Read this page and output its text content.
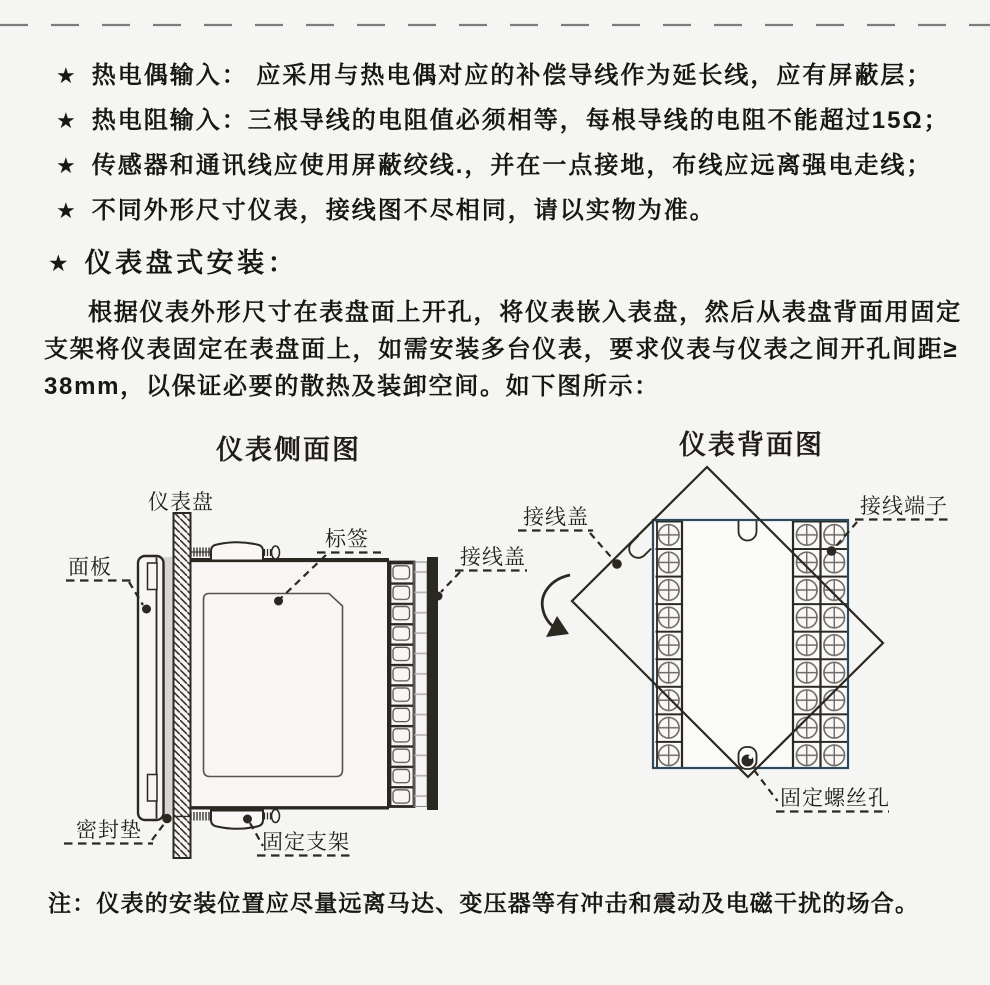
★ 热电偶输入： 应采用与热电偶对应的补偿导线作为延长线，应有屏蔽层；
★ 热电阻输入：三根导线的电阻值必须相等，每根导线的电阻不能超过15Ω；
★ 传感器和通讯线应使用屏蔽绞线.，并在一点接地，布线应远离强电走线；
★ 不同外形尺寸仪表，接线图不尽相同，请以实物为准。
★ 仪表盘式安装：
根据仪表外形尺寸在表盘面上开孔，将仪表嵌入表盘，然后从表盘背面用固定
支架将仪表固定在表盘面上，如需安装多台仪表，要求仪表与仪表之间开孔间距≥
38mm，以保证必要的散热及装卸空间。如下图所示：
仪表侧面图	仪表背面图
仪表盘
面板
标签
接线盖
密封垫	固定支架
接线盖	接线端子
固定螺丝孔
注：仪表的安装位置应尽量远离马达、变压器等有冲击和震动及电磁干扰的场合。
